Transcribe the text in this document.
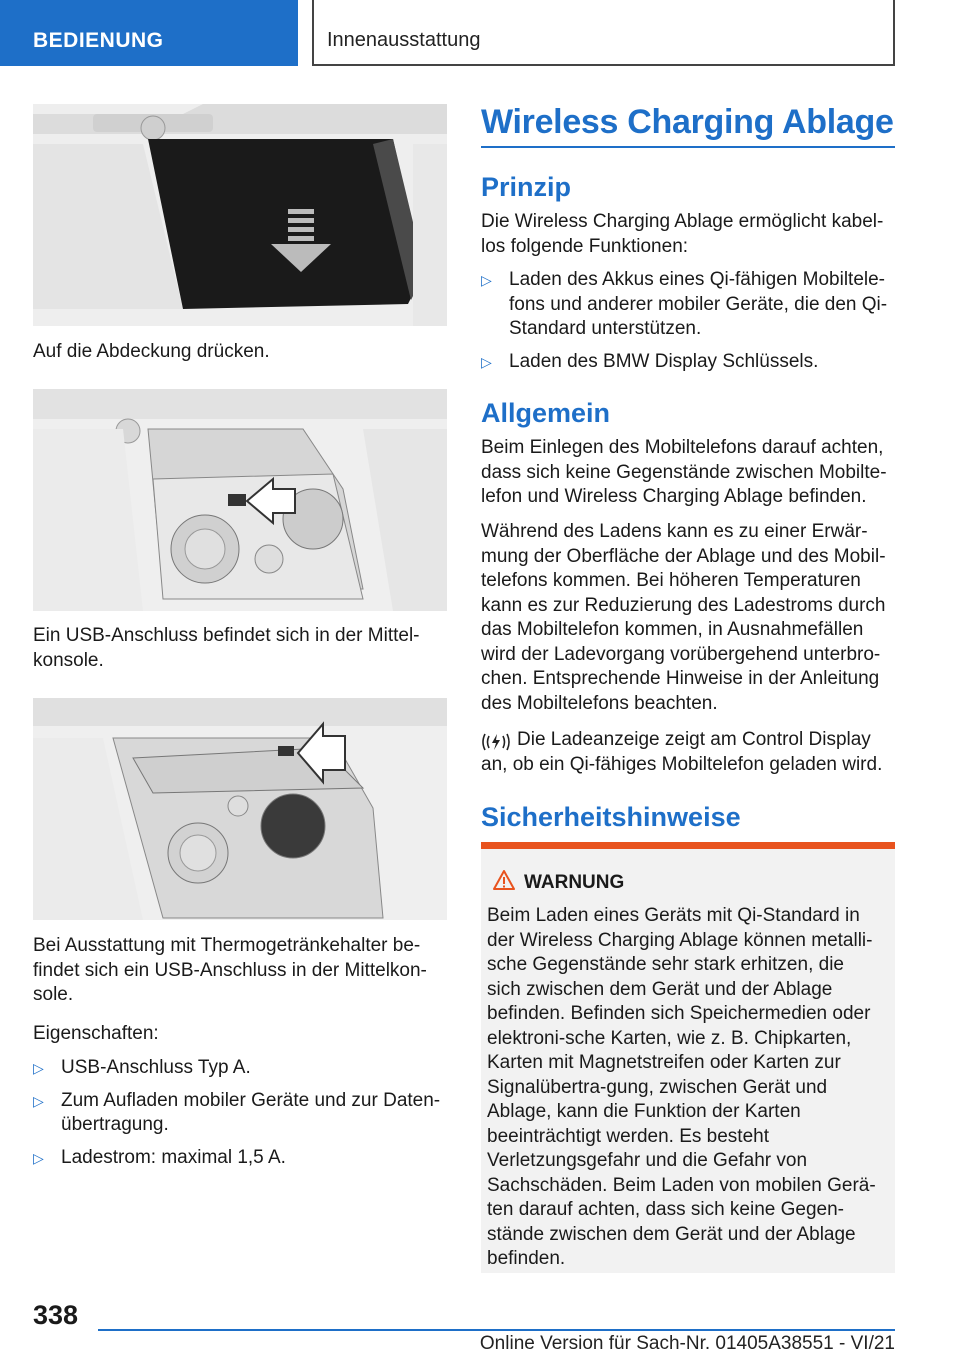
BEDIENUNG	Innenausstattung
Auf die Abdeckung drücken.
Ein USB-Anschluss befindet sich in der Mittel-konsole.
Bei Ausstattung mit Thermogetränkehalter be-findet sich ein USB-Anschluss in der Mittelkon-sole.
Eigenschaften:
▷ USB-Anschluss Typ A.
▷ Zum Aufladen mobiler Geräte und zur Daten-übertragung.
▷ Ladestrom: maximal 1,5 A.
Wireless Charging Ablage
Prinzip
Die Wireless Charging Ablage ermöglicht kabel-los folgende Funktionen:
▷ Laden des Akkus eines Qi-fähigen Mobiltele-fons und anderer mobiler Geräte, die den Qi-Standard unterstützen.
▷ Laden des BMW Display Schlüssels.
Allgemein
Beim Einlegen des Mobiltelefons darauf achten, dass sich keine Gegenstände zwischen Mobilte-lefon und Wireless Charging Ablage befinden.
Während des Ladens kann es zu einer Erwär-mung der Oberfläche der Ablage und des Mobil-telefons kommen. Bei höheren Temperaturen kann es zur Reduzierung des Ladestroms durch das Mobiltelefon kommen, in Ausnahmefällen wird der Ladevorgang vorübergehend unterbro-chen. Entsprechende Hinweise in der Anleitung des Mobiltelefons beachten.
Die Ladeanzeige zeigt am Control Display an, ob ein Qi-fähiges Mobiltelefon geladen wird.
Sicherheitshinweise
WARNUNG
Beim Laden eines Geräts mit Qi-Standard in der Wireless Charging Ablage können metalli-sche Gegenstände sehr stark erhitzen, die sich zwischen dem Gerät und der Ablage befinden. Befinden sich Speichermedien oder elektroni-sche Karten, wie z. B. Chipkarten, Karten mit Magnetstreifen oder Karten zur Signalübertra-gung, zwischen Gerät und Ablage, kann die Funktion der Karten beeinträchtigt werden. Es besteht Verletzungsgefahr und die Gefahr von Sachschäden. Beim Laden von mobilen Gerä-ten darauf achten, dass sich keine Gegen-stände zwischen dem Gerät und der Ablage befinden.
338
Online Version für Sach-Nr. 01405A38551 - VI/21
